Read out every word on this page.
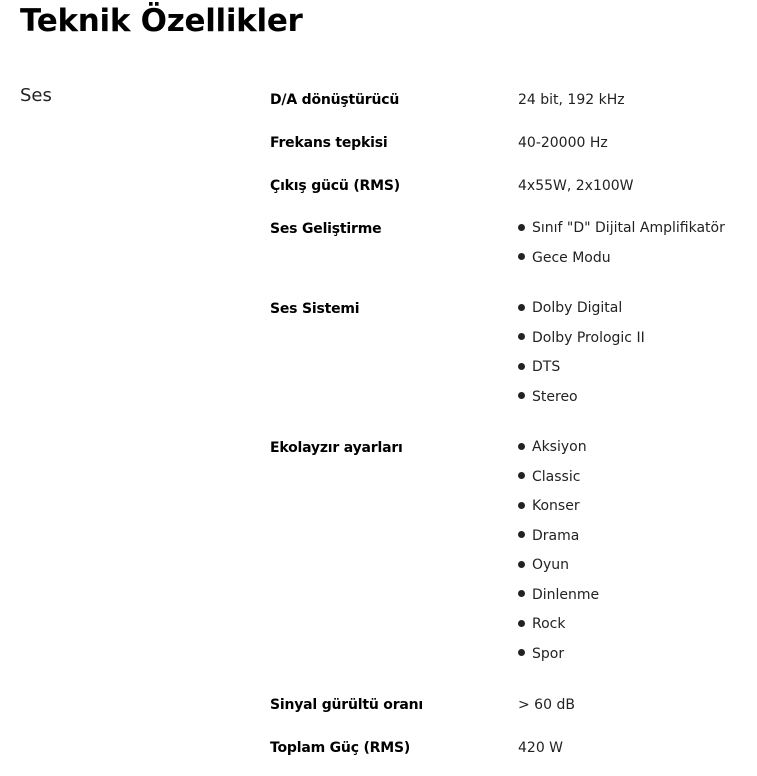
Teknik Özellikler
Ses	D/A dönüştürücü	24 bit, 192 kHz
Frekans tepkisi	40-20000 Hz
Çıkış gücü (RMS)	4x55W, 2x100W
Ses Geliştirme	Sınıf "D" Dijital Amplifikatör
Gece Modu
Ses Sistemi	Dolby Digital
Dolby Prologic II
DTS
Stereo
Ekolayzır ayarları	Aksiyon
Classic
Konser
Drama
Oyun
Dinlenme
Rock
Spor
Sinyal gürültü oranı	> 60 dB
Toplam Güç (RMS)	420 W
